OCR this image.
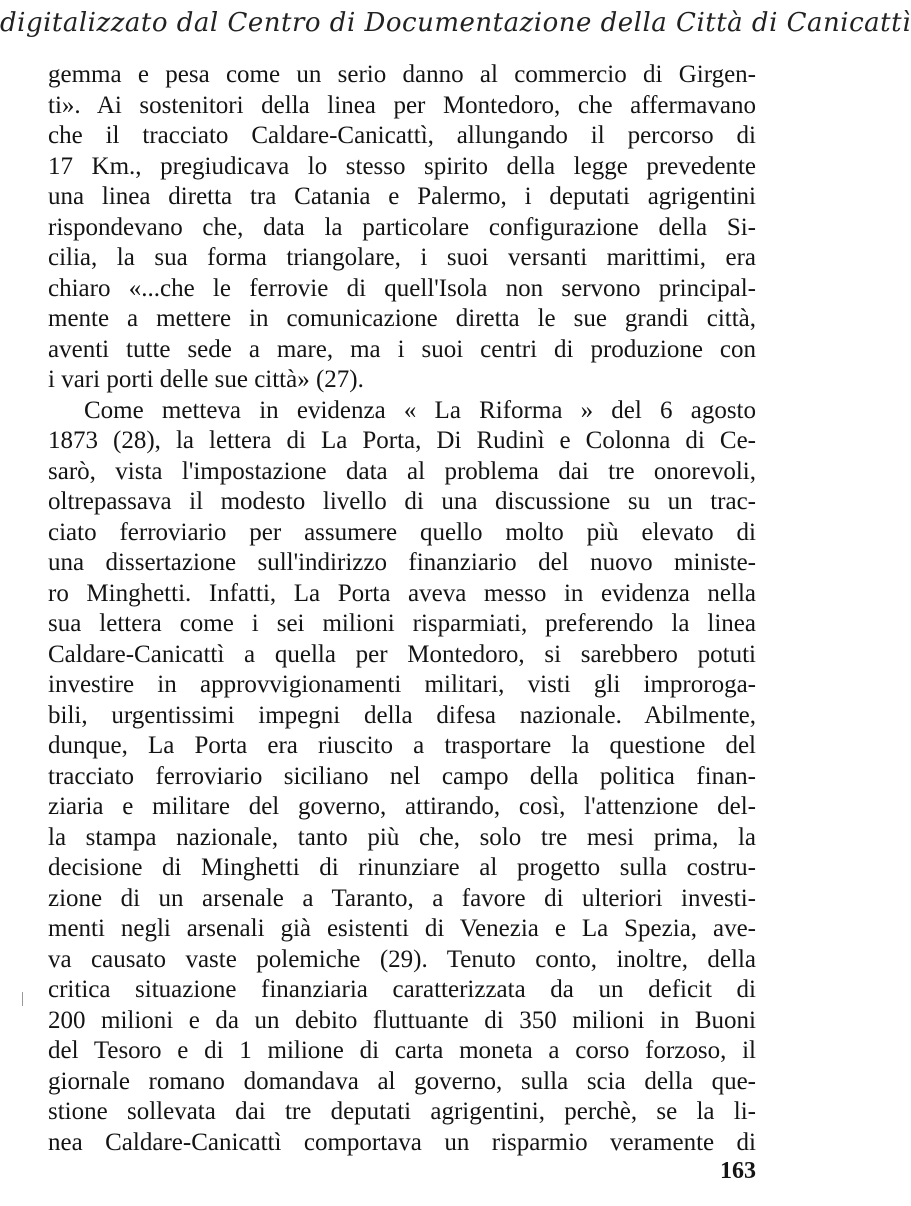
digitalizzato dal Centro di Documentazione della Città di Canicattì
gemma e pesa come un serio danno al commercio di Girgen-
ti». Ai sostenitori della linea per Montedoro, che affermavano
che il tracciato Caldare-Canicattì, allungando il percorso di
17 Km., pregiudicava lo stesso spirito della legge prevedente
una linea diretta tra Catania e Palermo, i deputati agrigentini
rispondevano che, data la particolare configurazione della Si-
cilia, la sua forma triangolare, i suoi versanti marittimi, era
chiaro «...che le ferrovie di quell'Isola non servono principal-
mente a mettere in comunicazione diretta le sue grandi città,
aventi tutte sede a mare, ma i suoi centri di produzione con
i vari porti delle sue città» (27).
Come metteva in evidenza « La Riforma » del 6 agosto
1873 (28), la lettera di La Porta, Di Rudinì e Colonna di Ce-
sarò, vista l'impostazione data al problema dai tre onorevoli,
oltrepassava il modesto livello di una discussione su un trac-
ciato ferroviario per assumere quello molto più elevato di
una dissertazione sull'indirizzo finanziario del nuovo ministe-
ro Minghetti. Infatti, La Porta aveva messo in evidenza nella
sua lettera come i sei milioni risparmiati, preferendo la linea
Caldare-Canicattì a quella per Montedoro, si sarebbero potuti
investire in approvvigionamenti militari, visti gli improroga-
bili, urgentissimi impegni della difesa nazionale. Abilmente,
dunque, La Porta era riuscito a trasportare la questione del
tracciato ferroviario siciliano nel campo della politica finan-
ziaria e militare del governo, attirando, così, l'attenzione del-
la stampa nazionale, tanto più che, solo tre mesi prima, la
decisione di Minghetti di rinunziare al progetto sulla costru-
zione di un arsenale a Taranto, a favore di ulteriori investi-
menti negli arsenali già esistenti di Venezia e La Spezia, ave-
va causato vaste polemiche (29). Tenuto conto, inoltre, della
critica situazione finanziaria caratterizzata da un deficit di
200 milioni e da un debito fluttuante di 350 milioni in Buoni
del Tesoro e di 1 milione di carta moneta a corso forzoso, il
giornale romano domandava al governo, sulla scia della que-
stione sollevata dai tre deputati agrigentini, perchè, se la li-
nea Caldare-Canicattì comportava un risparmio veramente di
163
